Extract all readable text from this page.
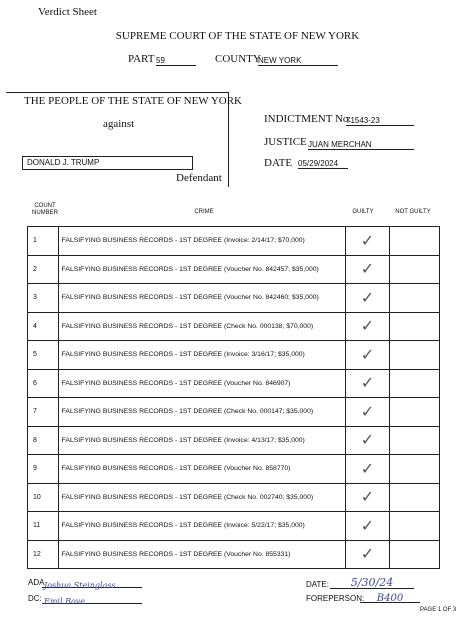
Verdict Sheet
SUPREME COURT OF THE STATE OF NEW YORK
PART 59	COUNTY
NEW YORK
THE PEOPLE OF THE STATE OF NEW YORK
against
DONALD J. TRUMP
Defendant
INDICTMENT No.
71543-23
JUSTICE JUAN MERCHAN
DATE 05/29/2024
COUNT NUMBER	CRIME	GUILTY	NOT GUILTY
1	FALSIFYING BUSINESS RECORDS - 1ST DEGREE (Invoice: 2/14/17; $70,000)	✓	
2	FALSIFYING BUSINESS RECORDS - 1ST DEGREE (Voucher No. 842457; $35,000)	✓	
3	FALSIFYING BUSINESS RECORDS - 1ST DEGREE (Voucher No. 842460; $35,000)	✓	
4	FALSIFYING BUSINESS RECORDS - 1ST DEGREE (Check No. 000138; $70,000)	✓	
5	FALSIFYING BUSINESS RECORDS - 1ST DEGREE (Invoice: 3/16/17; $35,000)	✓	
6	FALSIFYING BUSINESS RECORDS - 1ST DEGREE (Voucher No. 846907)	✓	
7	FALSIFYING BUSINESS RECORDS - 1ST DEGREE (Check No. 000147; $35,000)	✓	
8	FALSIFYING BUSINESS RECORDS - 1ST DEGREE (Invoice: 4/13/17; $35,000)	✓	
9	FALSIFYING BUSINESS RECORDS - 1ST DEGREE (Voucher No. 858770)	✓	
10	FALSIFYING BUSINESS RECORDS - 1ST DEGREE (Check No. 002740; $35,000)	✓	
11	FALSIFYING BUSINESS RECORDS - 1ST DEGREE (Invoice: 5/22/17; $35,000)	✓	
12	FALSIFYING BUSINESS RECORDS - 1ST DEGREE (Voucher No. 855331)	✓	
ADA Joshua Steinglass
DC: Emil Bove
DATE:	5/30/24
FOREPERSON:	B400
PAGE 1 OF 3
